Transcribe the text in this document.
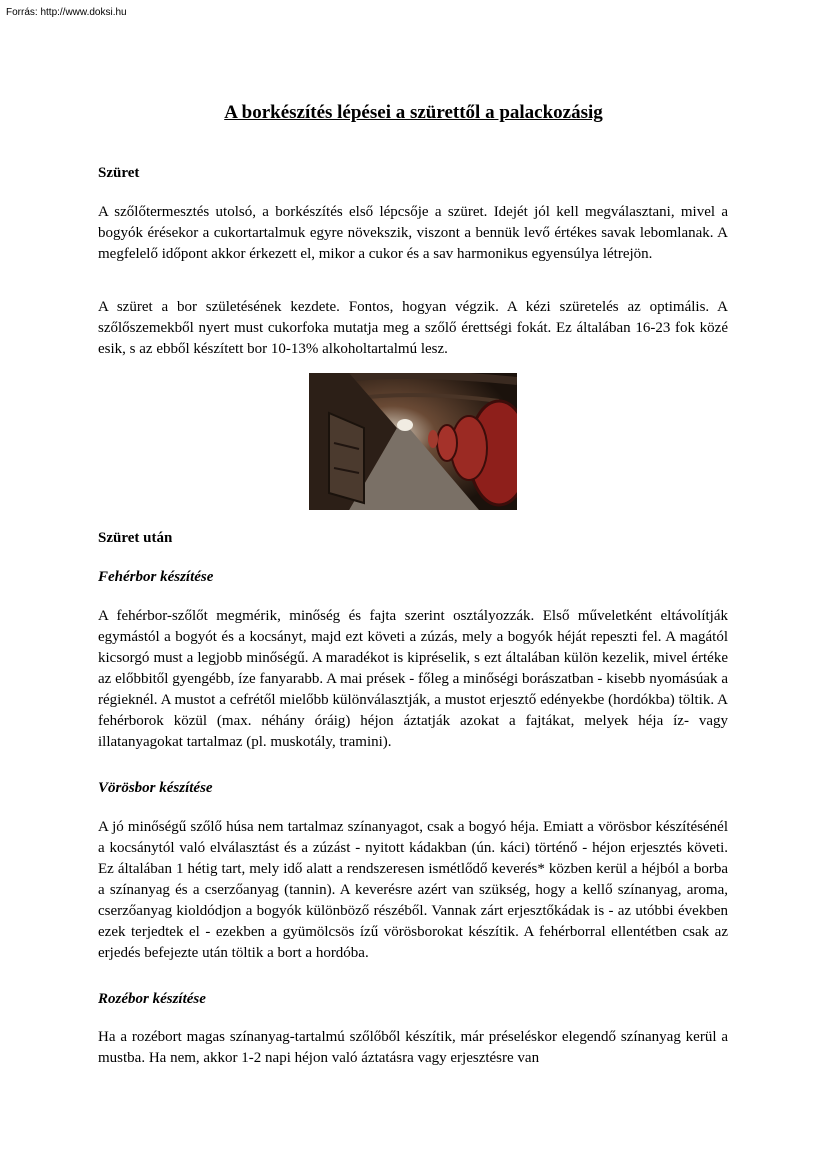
Forrás: http://www.doksi.hu
A borkészítés lépései a szürettől a palackozásig
Szüret

A szőlőtermesztés utolsó, a borkészítés első lépcsője a szüret. Idejét jól kell megválasztani, mivel a bogyók érésekor a cukortartalmuk egyre növekszik, viszont a bennük levő értékes savak lebomlanak. A megfelelő időpont akkor érkezett el, mikor a cukor és a sav harmonikus egyensúlya létrejön.

A szüret a bor születésének kezdete. Fontos, hogyan végzik. A kézi szüretelés az optimális. A szőlőszemekből nyert must cukorfoka mutatja meg a szőlő érettségi fokát. Ez általában 16-23 fok közé esik, s az ebből készített bor 10-13% alkoholtartalmú lesz.

Szüret után
Fehérbor készítése

A fehérbor-szőlőt megmérik, minőség és fajta szerint osztályozzák. Első műveletként eltávolítják egymástól a bogyót és a kocsányt, majd ezt követi a zúzás, mely a bogyók héját repeszti fel. A magától kicsorgó must a legjobb minőségű. A maradékot is kipréselik, s ezt általában külön kezelik, mivel értéke az előbbitől gyengébb, íze fanyarabb. A mai prések - főleg a minőségi borászatban - kisebb nyomásúak a régieknél. A mustot a cefrétől mielőbb különválasztják, a mustot erjesztő edényekbe (hordókba) töltik. A fehérborok közül (max. néhány óráig) héjon áztatják azokat a fajtákat, melyek héja íz- vagy illatanyagokat tartalmaz (pl. muskotály, tramini).

Vörösbor készítése

A jó minőségű szőlő húsa nem tartalmaz színanyagot, csak a bogyó héja. Emiatt a vörösbor készítésénél a kocsánytól való elválasztást és a zúzást - nyitott kádakban (ún. káci) történő - héjon erjesztés követi. Ez általában 1 hétig tart, mely idő alatt a rendszeresen ismétlődő keverés* közben kerül a héjból a borba a színanyag és a cserzőanyag (tannin). A keverésre azért van szükség, hogy a kellő színanyag, aroma, cserzőanyag kioldódjon a bogyók különböző részéből. Vannak zárt erjesztőkádak is - az utóbbi években ezek terjedtek el - ezekben a gyümölcsös ízű vörösborokat készítik. A fehérborral ellentétben csak az erjedés befejezte után töltik a bort a hordóba.

Rozébor készítése

Ha a rozébort magas színanyag-tartalmú szőlőből készítik, már préseléskor elegendő színanyag kerül a mustba. Ha nem, akkor 1-2 napi héjon való áztatásra vagy erjesztésre van
